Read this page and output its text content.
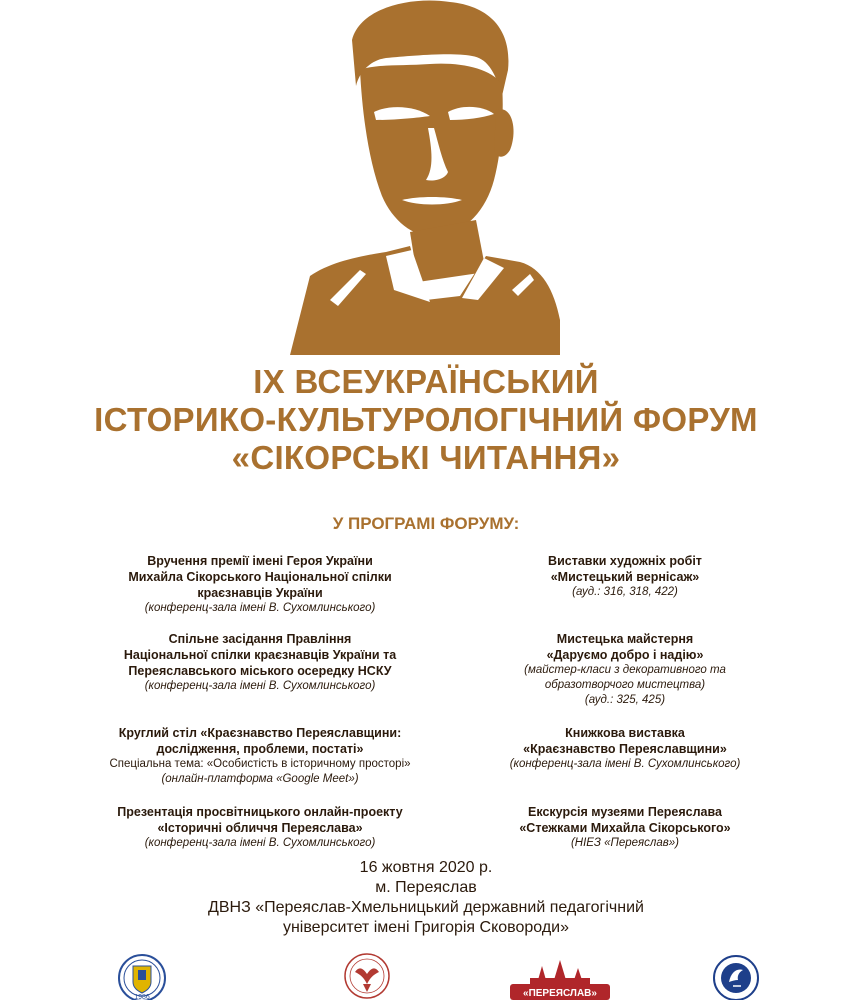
IX ВСЕУКРАЇНСЬКИЙ
ІСТОРИКО-КУЛЬТУРОЛОГІЧНИЙ ФОРУМ
«СІКОРСЬКІ ЧИТАННЯ»
У ПРОГРАМІ ФОРУМУ:
Вручення премії імені Героя України
Михайла Сікорського Національної спілки
краєзнавців України
(конференц-зала імені В. Сухомлинського)
Спільне засідання Правління
Національної спілки краєзнавців України та
Переяславського міського осередку НСКУ
(конференц-зала імені В. Сухомлинського)
Круглий стіл «Краєзнавство Переяславщини:
дослідження, проблеми, постаті»
Спеціальна тема: «Особистість в історичному просторі»
(онлайн-платформа «Google Meet»)
Презентація просвітницького онлайн-проекту
«Історичні обличчя Переяслава»
(конференц-зала імені В. Сухомлинського)
Виставки художніх робіт
«Мистецький вернісаж»
(ауд.: 316, 318, 422)
Мистецька майстерня
«Даруємо добро і надію»
(майстер-класи з декоративного та
образотворчого мистецтва)
(ауд.: 325, 425)
Книжкова виставка
«Краєзнавство Переяславщини»
(конференц-зала імені В. Сухомлинського)
Екскурсія музеями Переяслава
«Стежками Михайла Сікорського»
(НІЕЗ «Переяслав»)
16 жовтня 2020 р.
м. Переяслав
ДВНЗ «Переяслав-Хмельницький державний педагогічний
університет імені Григорія Сковороди»
1986	«ПЕРЕЯСЛАВ»
